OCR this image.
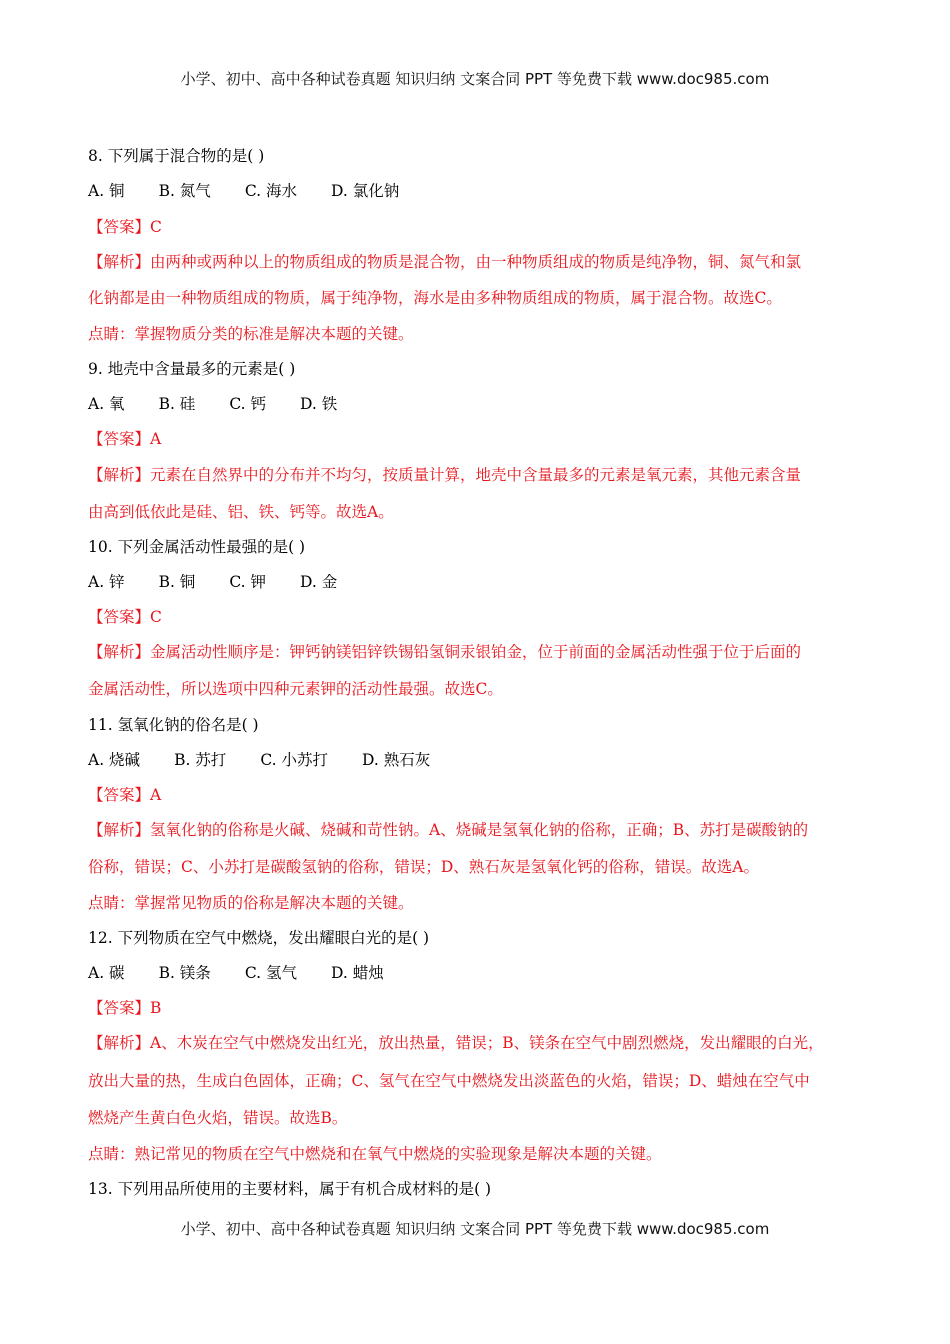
小学、初中、高中各种试卷真题 知识归纳 文案合同 PPT 等免费下载 www.doc985.com
8. 下列属于混合物的是( )
A. 铜 B. 氮气 C. 海水 D. 氯化钠
【答案】C
【解析】由两种或两种以上的物质组成的物质是混合物，由一种物质组成的物质是纯净物，铜、氮气和氯
化钠都是由一种物质组成的物质，属于纯净物，海水是由多种物质组成的物质，属于混合物。故选C。
点睛：掌握物质分类的标准是解决本题的关键。
9. 地壳中含量最多的元素是( )
A. 氧 B. 硅 C. 钙 D. 铁
【答案】A
【解析】元素在自然界中的分布并不均匀，按质量计算，地壳中含量最多的元素是氧元素，其他元素含量
由高到低依此是硅、铝、铁、钙等。故选A。
10. 下列金属活动性最强的是( )
A. 锌 B. 铜 C. 钾 D. 金
【答案】C
【解析】金属活动性顺序是：钾钙钠镁铝锌铁锡铅氢铜汞银铂金，位于前面的金属活动性强于位于后面的
金属活动性，所以选项中四种元素钾的活动性最强。故选C。
11. 氢氧化钠的俗名是( )
A. 烧碱 B. 苏打 C. 小苏打 D. 熟石灰
【答案】A
【解析】氢氧化钠的俗称是火碱、烧碱和苛性钠。A、烧碱是氢氧化钠的俗称，正确；B、苏打是碳酸钠的
俗称，错误；C、小苏打是碳酸氢钠的俗称，错误；D、熟石灰是氢氧化钙的俗称，错误。故选A。
点睛：掌握常见物质的俗称是解决本题的关键。
12. 下列物质在空气中燃烧，发出耀眼白光的是( )
A. 碳 B. 镁条 C. 氢气 D. 蜡烛
【答案】B
【解析】A、木炭在空气中燃烧发出红光，放出热量，错误；B、镁条在空气中剧烈燃烧，发出耀眼的白光，
放出大量的热，生成白色固体，正确；C、氢气在空气中燃烧发出淡蓝色的火焰，错误；D、蜡烛在空气中
燃烧产生黄白色火焰，错误。故选B。
点睛：熟记常见的物质在空气中燃烧和在氧气中燃烧的实验现象是解决本题的关键。
13. 下列用品所使用的主要材料，属于有机合成材料的是( )
小学、初中、高中各种试卷真题 知识归纳 文案合同 PPT 等免费下载 www.doc985.com
